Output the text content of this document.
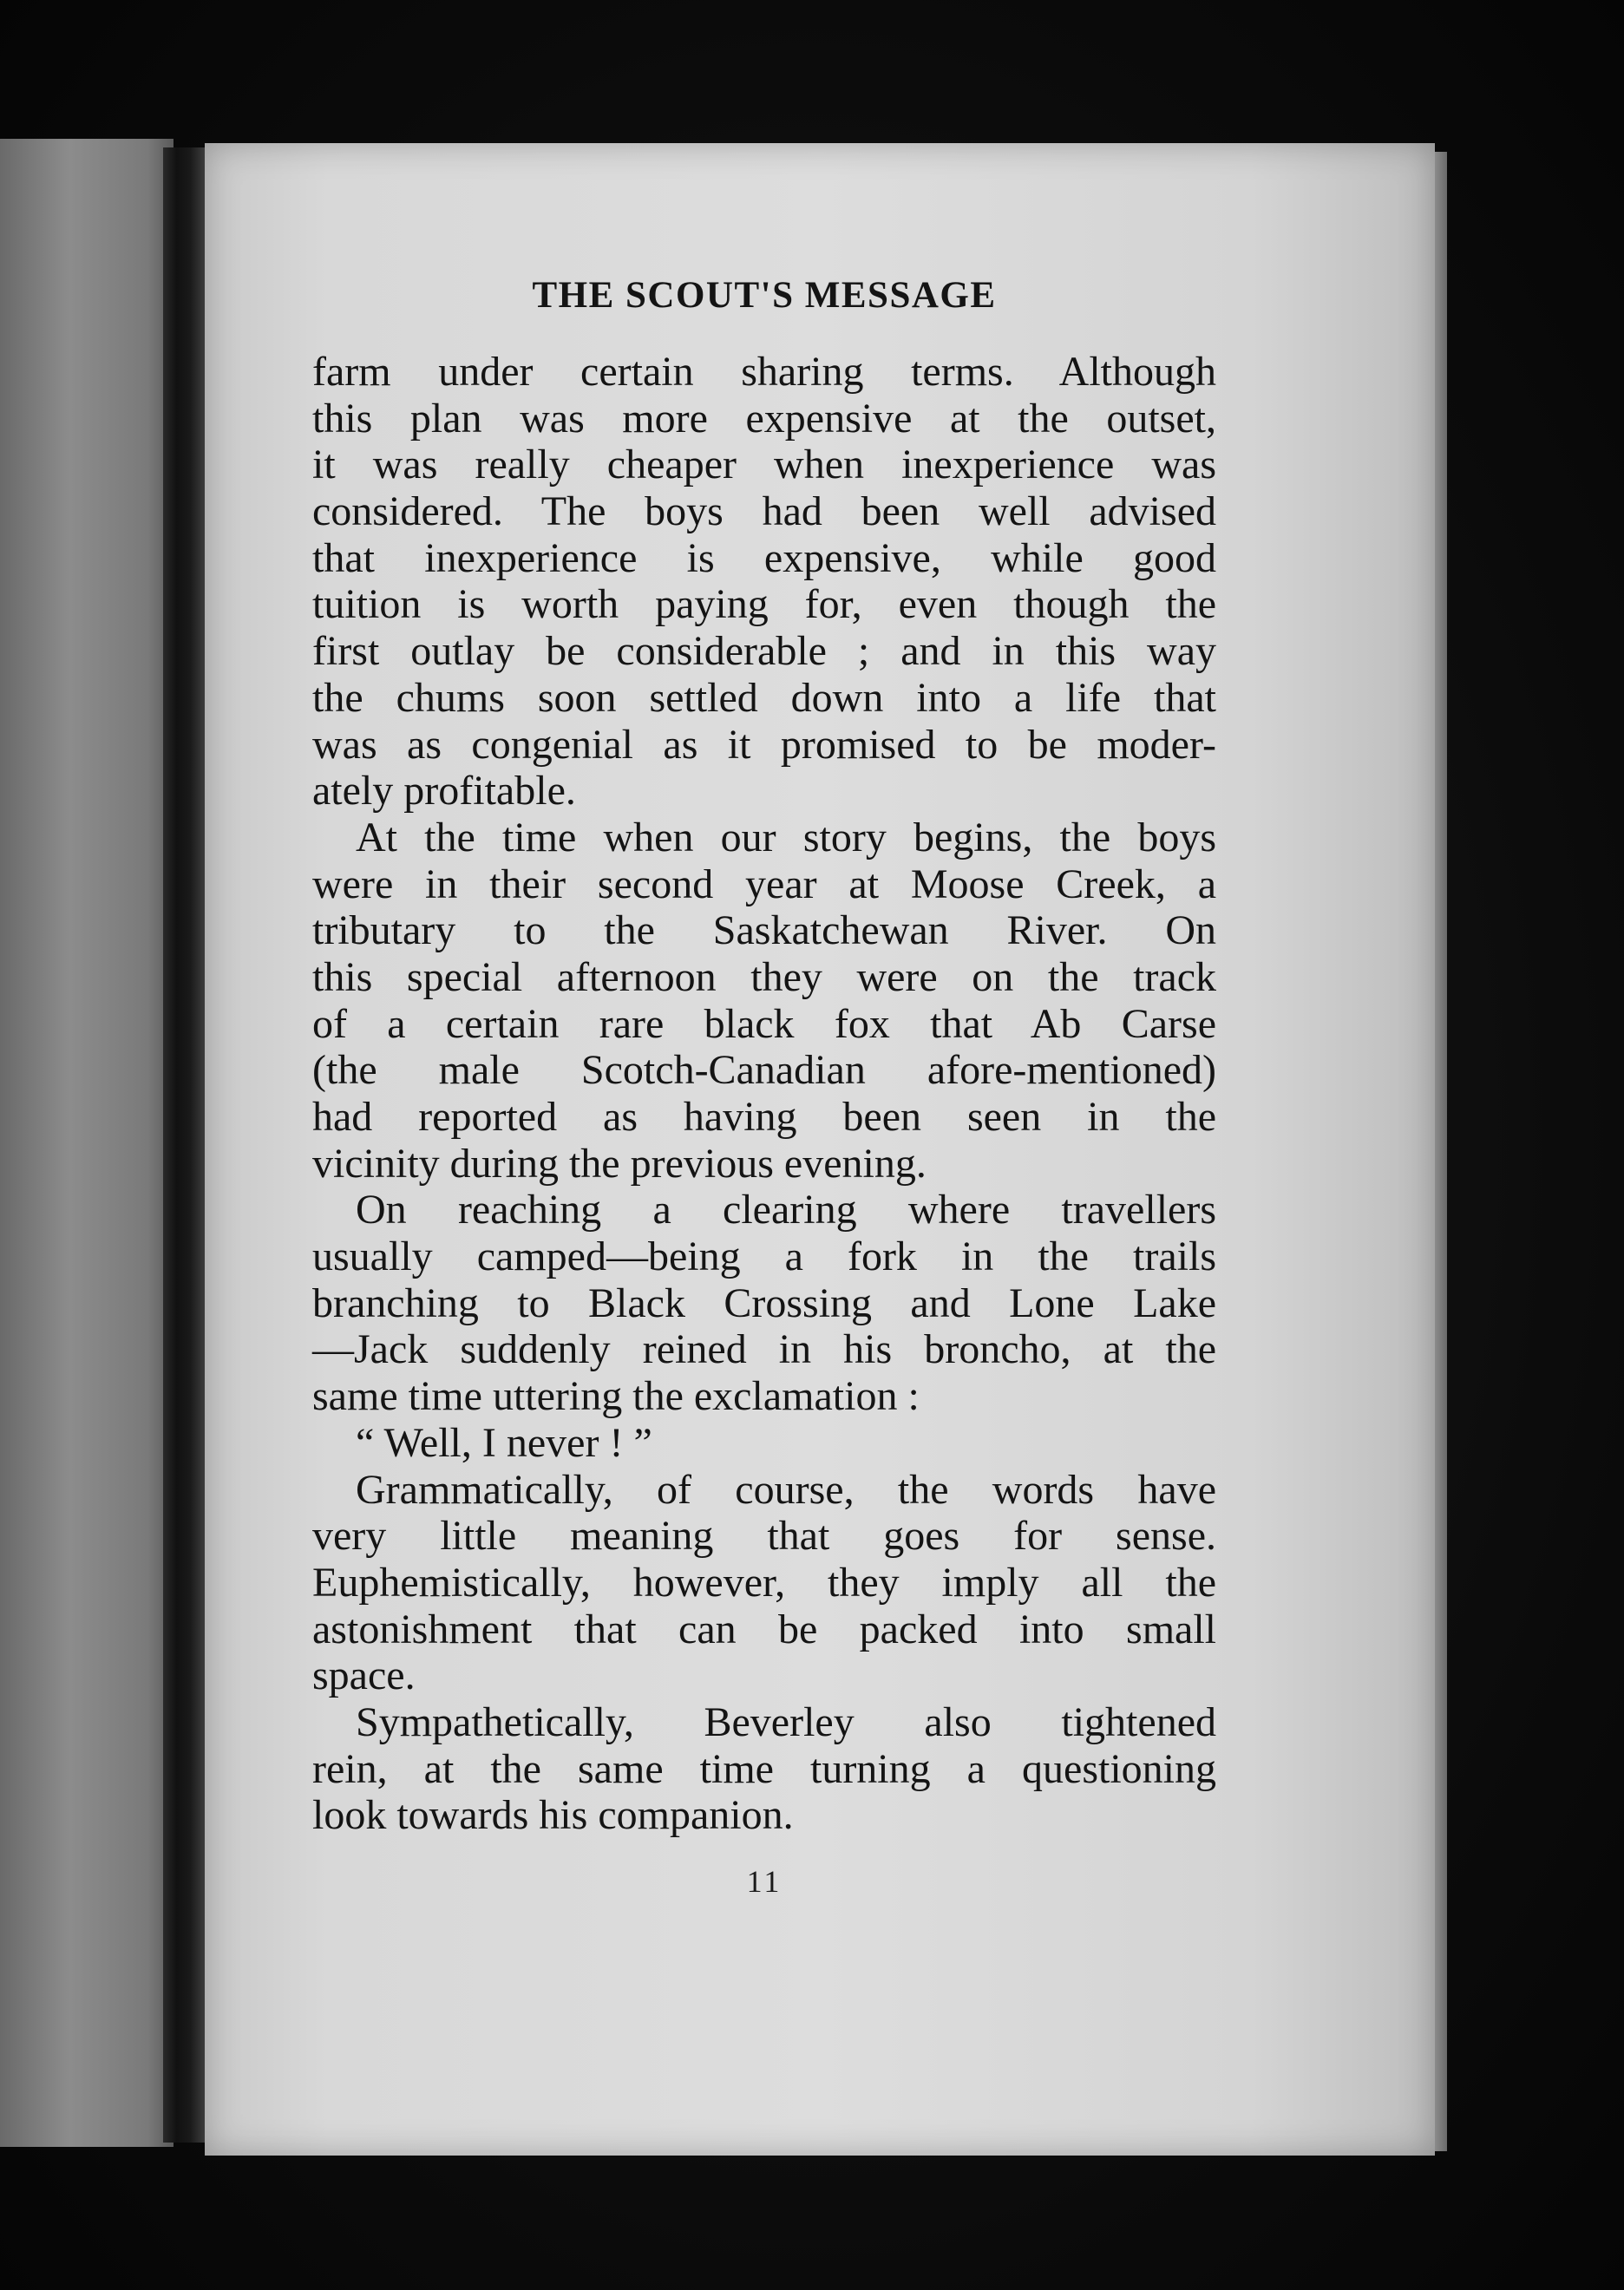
THE SCOUT'S MESSAGE
farm under certain sharing terms. Although
this plan was more expensive at the outset,
it was really cheaper when inexperience was
considered. The boys had been well advised
that inexperience is expensive, while good
tuition is worth paying for, even though the
first outlay be considerable ; and in this way
the chums soon settled down into a life that
was as congenial as it promised to be moder-
ately profitable.
At the time when our story begins, the boys
were in their second year at Moose Creek, a
tributary to the Saskatchewan River. On
this special afternoon they were on the track
of a certain rare black fox that Ab Carse
(the male Scotch-Canadian afore-mentioned)
had reported as having been seen in the
vicinity during the previous evening.
On reaching a clearing where travellers
usually camped—being a fork in the trails
branching to Black Crossing and Lone Lake
—Jack suddenly reined in his broncho, at the
same time uttering the exclamation :
“ Well, I never ! ”
Grammatically, of course, the words have
very little meaning that goes for sense.
Euphemistically, however, they imply all the
astonishment that can be packed into small
space.
Sympathetically, Beverley also tightened
rein, at the same time turning a questioning
look towards his companion.
11
